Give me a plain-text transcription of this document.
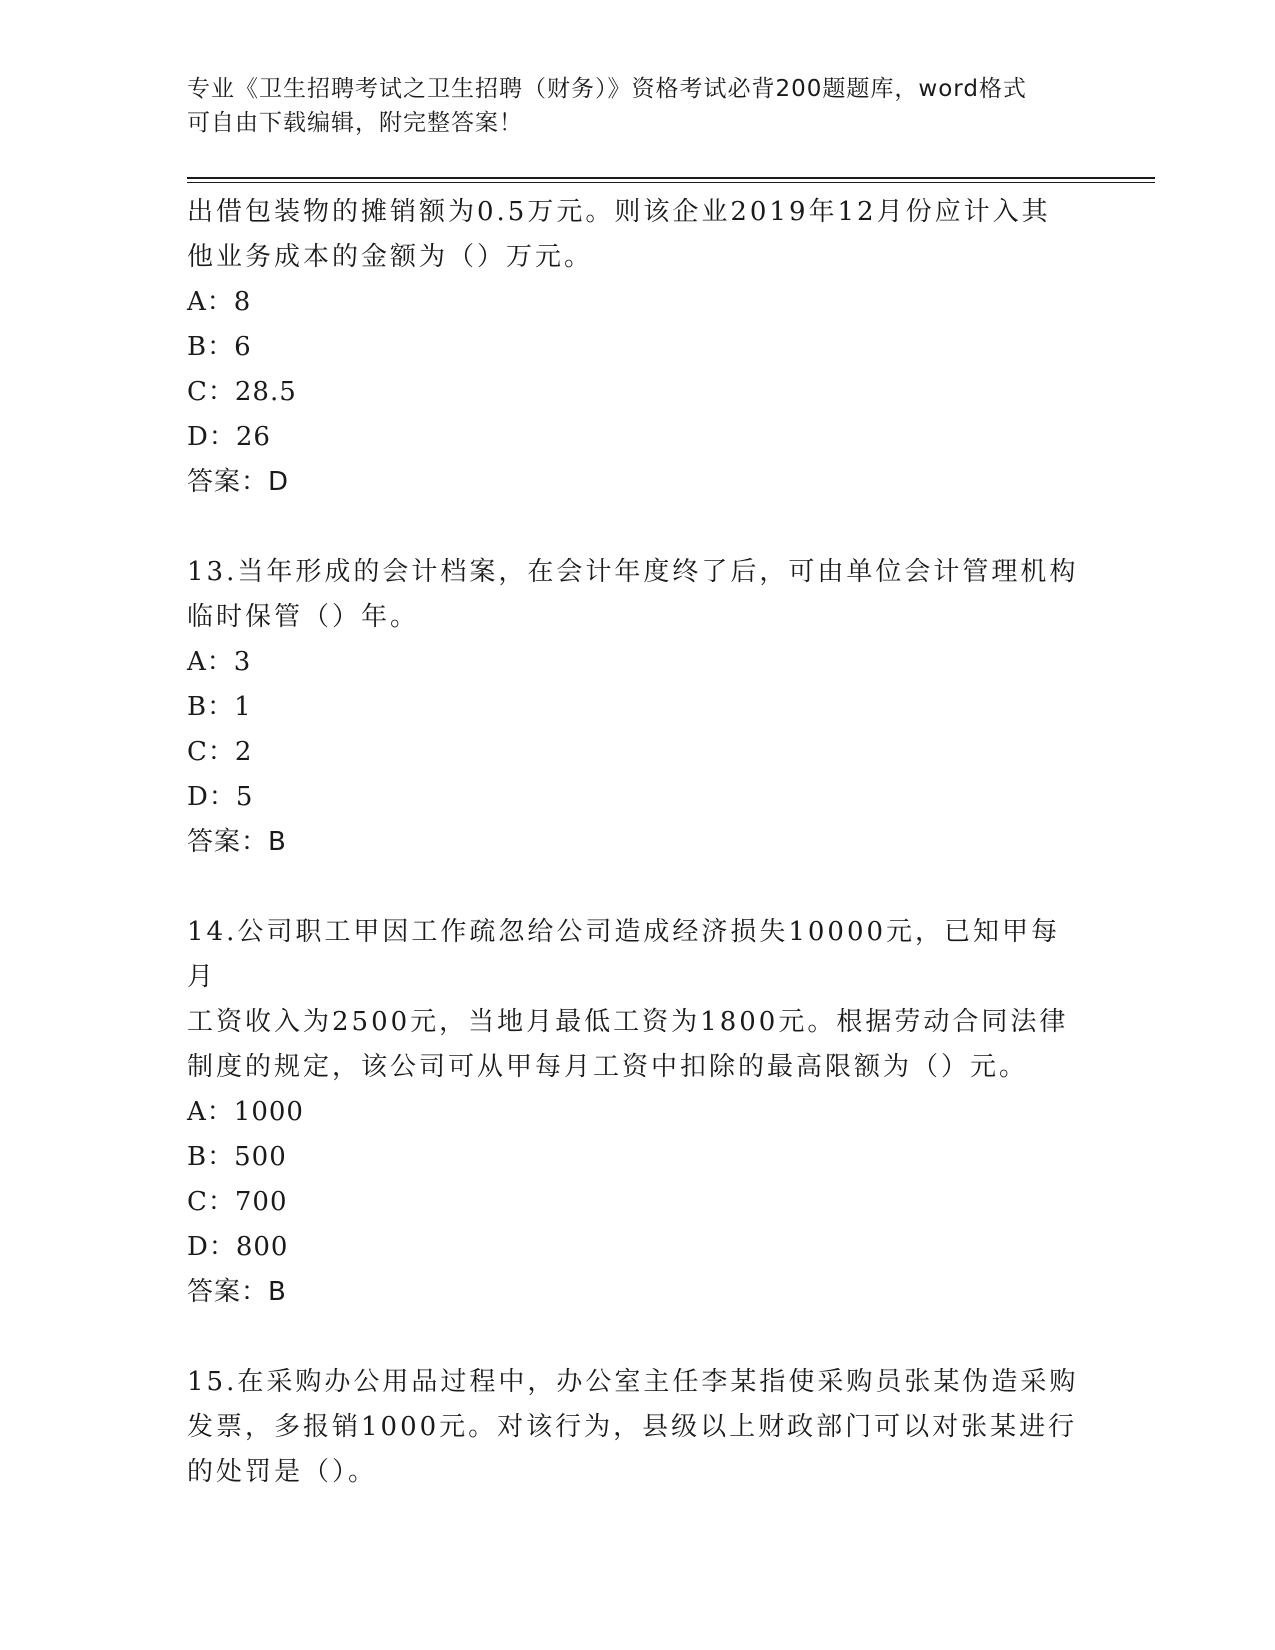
专业《卫生招聘考试之卫生招聘（财务）》资格考试必背200题题库，word格式
可自由下载编辑，附完整答案！
出借包装物的摊销额为0.5万元。则该企业2019年12月份应计入其
他业务成本的金额为（）万元。
A：8
B：6
C：28.5
D：26
答案：D
13.当年形成的会计档案，在会计年度终了后，可由单位会计管理机构
临时保管（）年。
A：3
B：1
C：2
D：5
答案：B
14.公司职工甲因工作疏忽给公司造成经济损失10000元，已知甲每月
工资收入为2500元，当地月最低工资为1800元。根据劳动合同法律
制度的规定，该公司可从甲每月工资中扣除的最高限额为（）元。
A：1000
B：500
C：700
D：800
答案：B
15.在采购办公用品过程中，办公室主任李某指使采购员张某伪造采购
发票，多报销1000元。对该行为，县级以上财政部门可以对张某进行
的处罚是（）。
